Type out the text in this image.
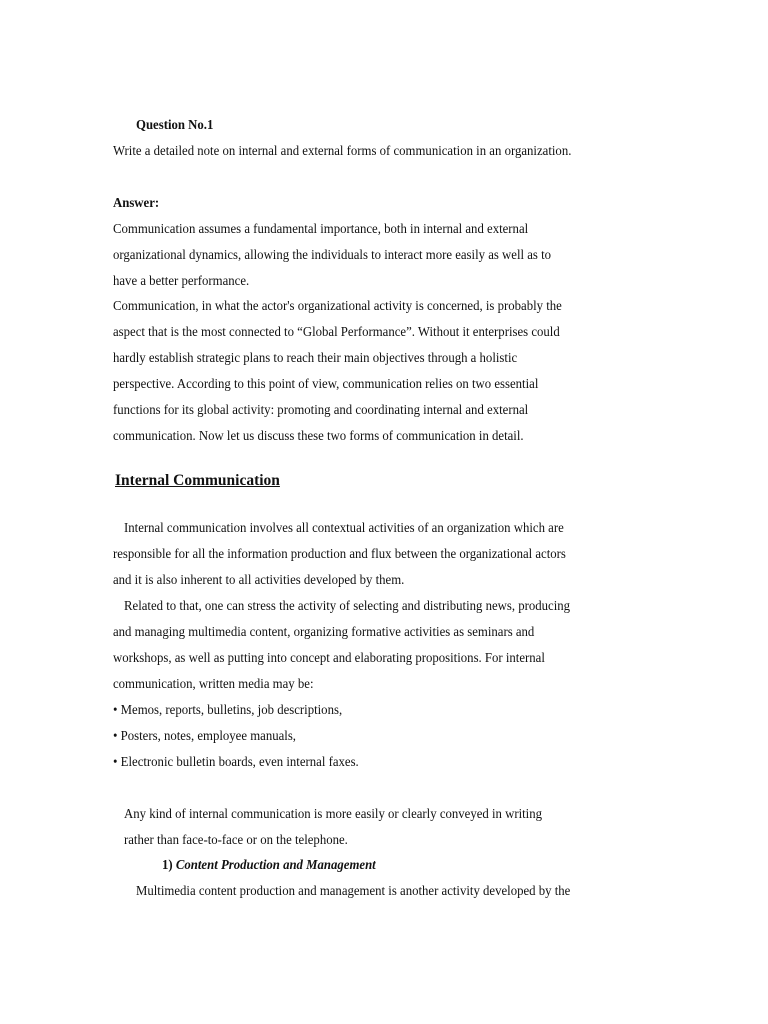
Question No.1
Write a detailed note on internal and external forms of communication in an organization.
Answer:
Communication assumes a fundamental importance, both in internal and external
organizational dynamics, allowing the individuals to interact more easily as well as to
have a better performance.
Communication, in what the actor's organizational activity is concerned, is probably the
aspect that is the most connected to “Global Performance”. Without it enterprises could
hardly establish strategic plans to reach their main objectives through a holistic
perspective. According to this point of view, communication relies on two essential
functions for its global activity: promoting and coordinating internal and external
communication. Now let us discuss these two forms of communication in detail.
Internal Communication
Internal communication involves all contextual activities of an organization which are
responsible for all the information production and flux between the organizational actors
and it is also inherent to all activities developed by them.
Related to that, one can stress the activity of selecting and distributing news, producing
and managing multimedia content, organizing formative activities as seminars and
workshops, as well as putting into concept and elaborating propositions. For internal
communication, written media may be:
• Memos, reports, bulletins, job descriptions,
• Posters, notes, employee manuals,
• Electronic bulletin boards, even internal faxes.
Any kind of internal communication is more easily or clearly conveyed in writing
rather than face-to-face or on the telephone.
1) Content Production and Management
Multimedia content production and management is another activity developed by the
